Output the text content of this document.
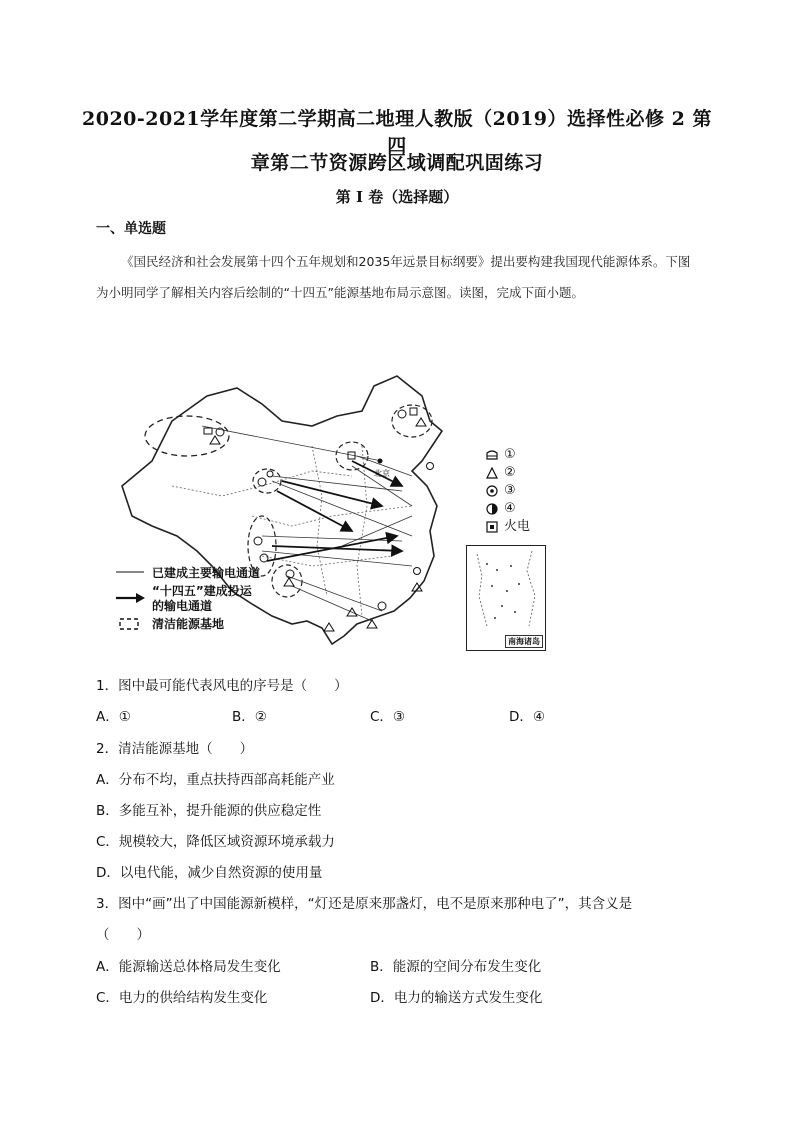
2020-2021学年度第二学期高二地理人教版（2019）选择性必修 2 第四
章第二节资源跨区域调配巩固练习
第 I 卷（选择题）
一、单选题
《国民经济和社会发展第十四个五年规划和2035年远景目标纲要》提出要构建我国现代能源体系。下图为小明同学了解相关内容后绘制的“十四五”能源基地布局示意图。读图，完成下面小题。
北京
南海诸岛
①
②
③
④
火电
已建成主要输电通道
“十四五”建成投运
的输电通道
清洁能源基地
1．图中最可能代表风电的序号是（　　）
A．①	B．②	C．③	D．④
2．清洁能源基地（　　）
A．分布不均，重点扶持西部高耗能产业
B．多能互补，提升能源的供应稳定性
C．规模较大，降低区域资源环境承载力
D．以电代能，减少自然资源的使用量
3．图中“画”出了中国能源新模样，“灯还是原来那盏灯，电不是原来那种电了”，其含义是
（　　）
A．能源输送总体格局发生变化	B．能源的空间分布发生变化
C．电力的供给结构发生变化	D．电力的输送方式发生变化
